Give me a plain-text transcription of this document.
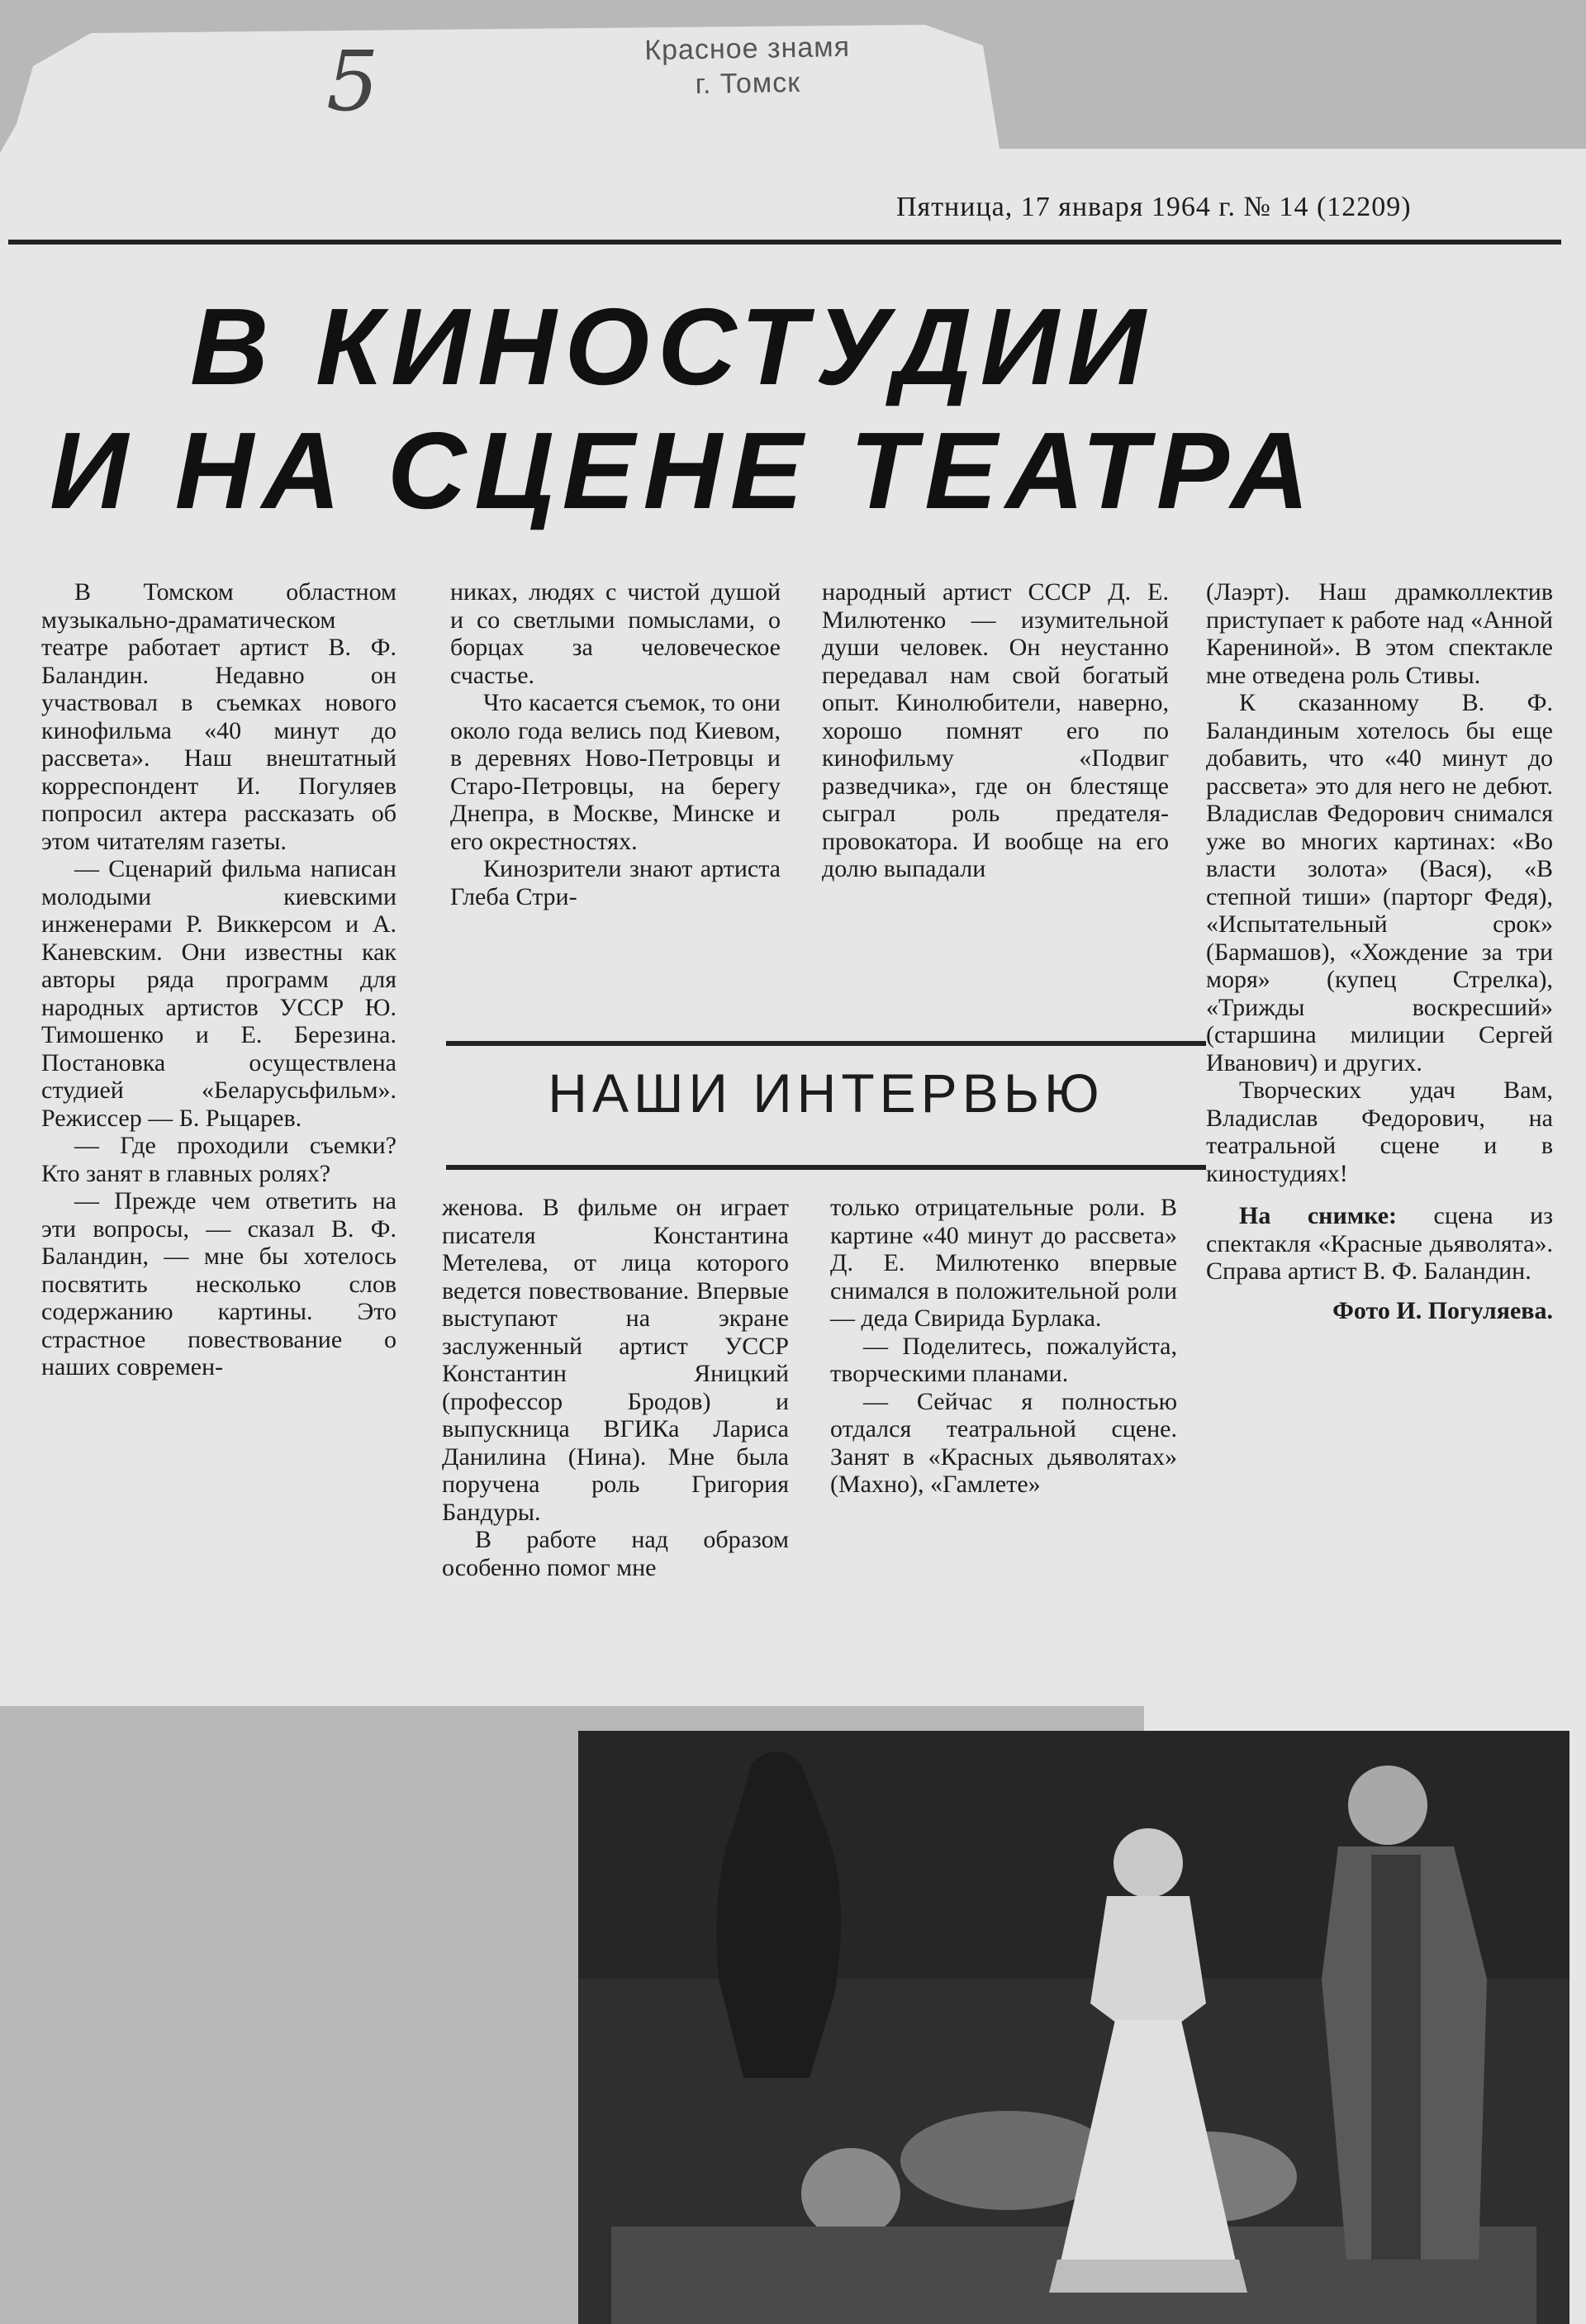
5	Красное знамя
г. Томск
Пятница, 17 января 1964 г. № 14 (12209)
В КИНОСТУДИИ
И НА СЦЕНЕ ТЕАТРА

В Томском областном музыкально-драматическом театре работает артист В. Ф. Баландин. Недавно он участвовал в съемках нового кинофильма «40 минут до рассвета». Наш внештатный корреспондент И. Погуляев попросил актера рассказать об этом читателям газеты.

— Сценарий фильма написан молодыми киевскими инженерами Р. Виккерсом и А. Каневским. Они известны как авторы ряда программ для народных артистов УССР Ю. Тимошенко и Е. Березина. Постановка осуществлена студией «Беларусьфильм». Режиссер — Б. Рыцарев.

— Где проходили съемки? Кто занят в главных ролях?

— Прежде чем ответить на эти вопросы, — сказал В. Ф. Баландин, — мне бы хотелось посвятить несколько слов содержанию картины. Это страстное повествование о наших современ-

никах, людях с чистой душой и со светлыми помыслами, о борцах за человеческое счастье.

Что касается съемок, то они около года велись под Киевом, в деревнях Ново-Петровцы и Старо-Петровцы, на берегу Днепра, в Москве, Минске и его окрестностях.

Кинозрители знают артиста Глеба Стри-

народный артист СССР Д. Е. Милютенко — изумительной души человек. Он неустанно передавал нам свой богатый опыт. Кинолюбители, наверно, хорошо помнят его по кинофильму «Подвиг разведчика», где он блестяще сыграл роль предателя-провокатора. И вообще на его долю выпадали

(Лаэрт). Наш драмколлектив приступает к работе над «Анной Карениной». В этом спектакле мне отведена роль Стивы.

К сказанному В. Ф. Баландиным хотелось бы еще добавить, что «40 минут до рассвета» это для него не дебют. Владислав Федорович снимался уже во многих картинах: «Во власти золота» (Вася), «В степной тиши» (парторг Федя), «Испытательный срок» (Бармашов), «Хождение за три моря» (купец Стрелка), «Трижды воскресший» (старшина милиции Сергей Иванович) и других.

Творческих удач Вам, Владислав Федорович, на театральной сцене и в киностудиях!

На снимке: сцена из спектакля «Красные дьяволята». Справа артист В. Ф. Баландин.

Фото И. Погуляева.

НАШИ ИНТЕРВЬЮ

женова. В фильме он играет писателя Константина Метелева, от лица которого ведется повествование. Впервые выступают на экране заслуженный артист УССР Константин Яницкий (профессор Бродов) и выпускница ВГИКа Лариса Данилина (Нина). Мне была поручена роль Григория Бандуры.

В работе над образом особенно помог мне

только отрицательные роли. В картине «40 минут до рассвета» Д. Е. Милютенко впервые снимался в положительной роли — деда Свирида Бурлака.

— Поделитесь, пожалуйста, творческими планами.

— Сейчас я полностью отдался театральной сцене. Занят в «Красных дьяволятах» (Махно), «Гамлете»
